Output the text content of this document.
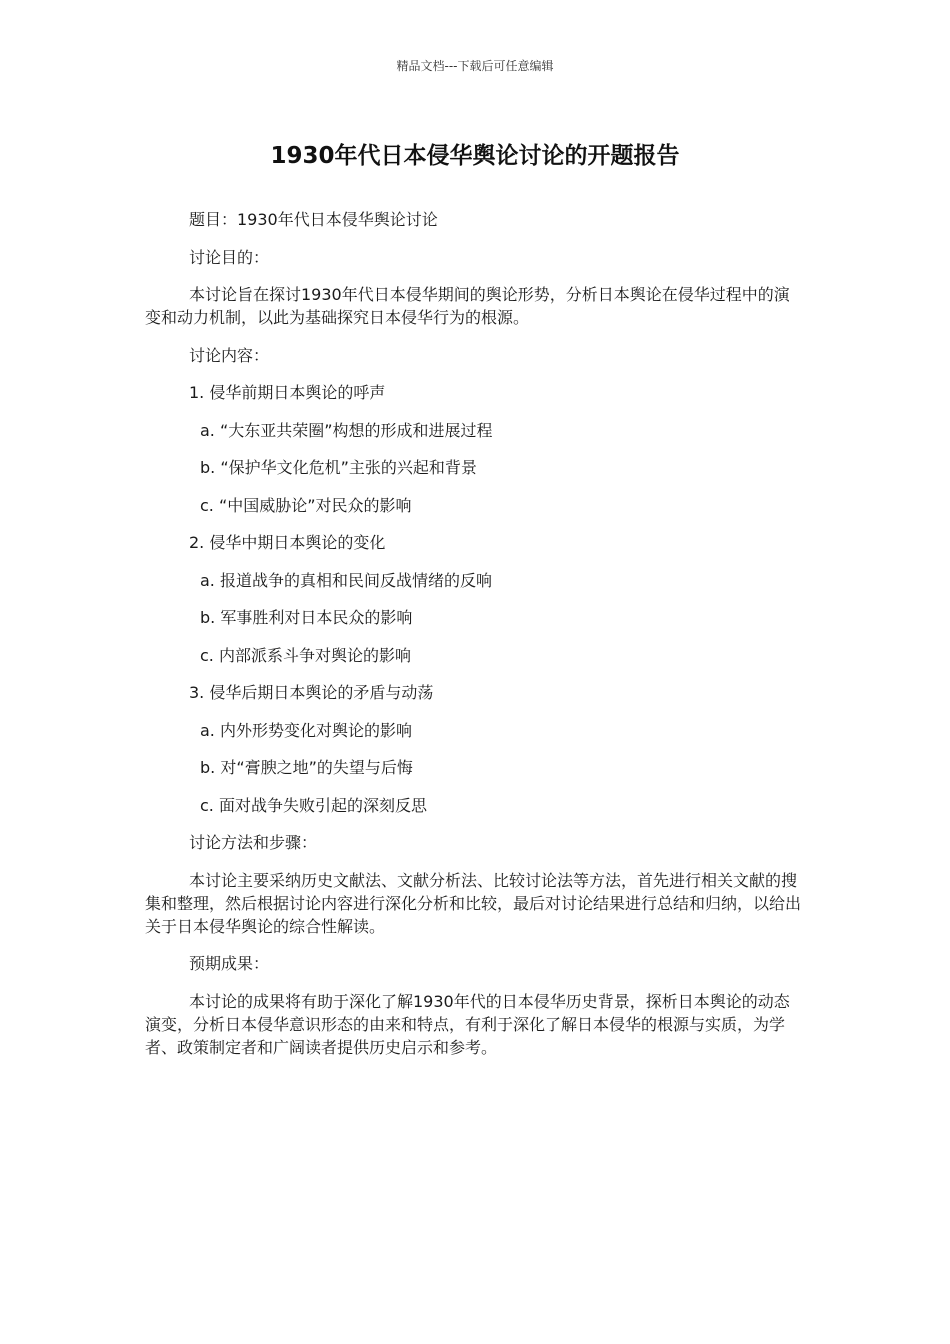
精品文档---下载后可任意编辑
1930年代日本侵华舆论讨论的开题报告

题目：1930年代日本侵华舆论讨论

讨论目的：

本讨论旨在探讨1930年代日本侵华期间的舆论形势，分析日本舆论在侵华过程中的演变和动力机制，以此为基础探究日本侵华行为的根源。

讨论内容：

1. 侵华前期日本舆论的呼声

a. “大东亚共荣圈”构想的形成和进展过程

b. “保护华文化危机”主张的兴起和背景

c. “中国威胁论”对民众的影响

2. 侵华中期日本舆论的变化

a. 报道战争的真相和民间反战情绪的反响

b. 军事胜利对日本民众的影响

c. 内部派系斗争对舆论的影响

3. 侵华后期日本舆论的矛盾与动荡

a. 内外形势变化对舆论的影响

b. 对“膏腴之地”的失望与后悔

c. 面对战争失败引起的深刻反思

讨论方法和步骤：

本讨论主要采纳历史文献法、文献分析法、比较讨论法等方法，首先进行相关文献的搜集和整理，然后根据讨论内容进行深化分析和比较，最后对讨论结果进行总结和归纳，以给出关于日本侵华舆论的综合性解读。

预期成果：

本讨论的成果将有助于深化了解1930年代的日本侵华历史背景，探析日本舆论的动态演变，分析日本侵华意识形态的由来和特点，有利于深化了解日本侵华的根源与实质，为学者、政策制定者和广阔读者提供历史启示和参考。
